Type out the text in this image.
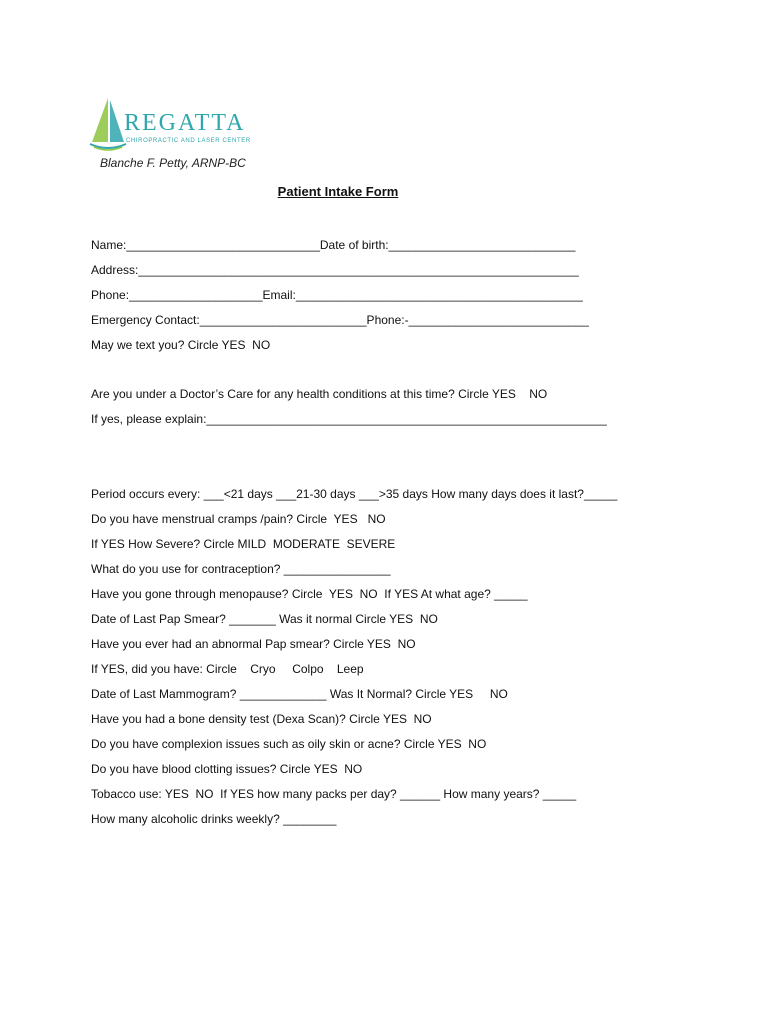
REGATTA
CHIROPRACTIC AND LASER CENTER
Blanche F. Petty, ARNP-BC
Patient Intake Form
Name:_____________________________Date of birth:____________________________
Address:__________________________________________________________________
Phone:____________________Email:___________________________________________
Emergency Contact:_________________________Phone:-___________________________
May we text you? Circle YES  NO
Are you under a Doctor’s Care for any health conditions at this time? Circle YES    NO
If yes, please explain:____________________________________________________________
Period occurs every: ___<21 days ___21-30 days ___>35 days How many days does it last?_____
Do you have menstrual cramps /pain? Circle  YES   NO
If YES How Severe? Circle MILD  MODERATE  SEVERE
What do you use for contraception? ________________
Have you gone through menopause? Circle  YES  NO  If YES At what age? _____
Date of Last Pap Smear? _______ Was it normal Circle YES  NO
Have you ever had an abnormal Pap smear? Circle YES  NO
If YES, did you have: Circle    Cryo     Colpo    Leep
Date of Last Mammogram? _____________ Was It Normal? Circle YES     NO
Have you had a bone density test (Dexa Scan)? Circle YES  NO
Do you have complexion issues such as oily skin or acne? Circle YES  NO
Do you have blood clotting issues? Circle YES  NO
Tobacco use: YES  NO  If YES how many packs per day? ______ How many years? _____
How many alcoholic drinks weekly? ________
